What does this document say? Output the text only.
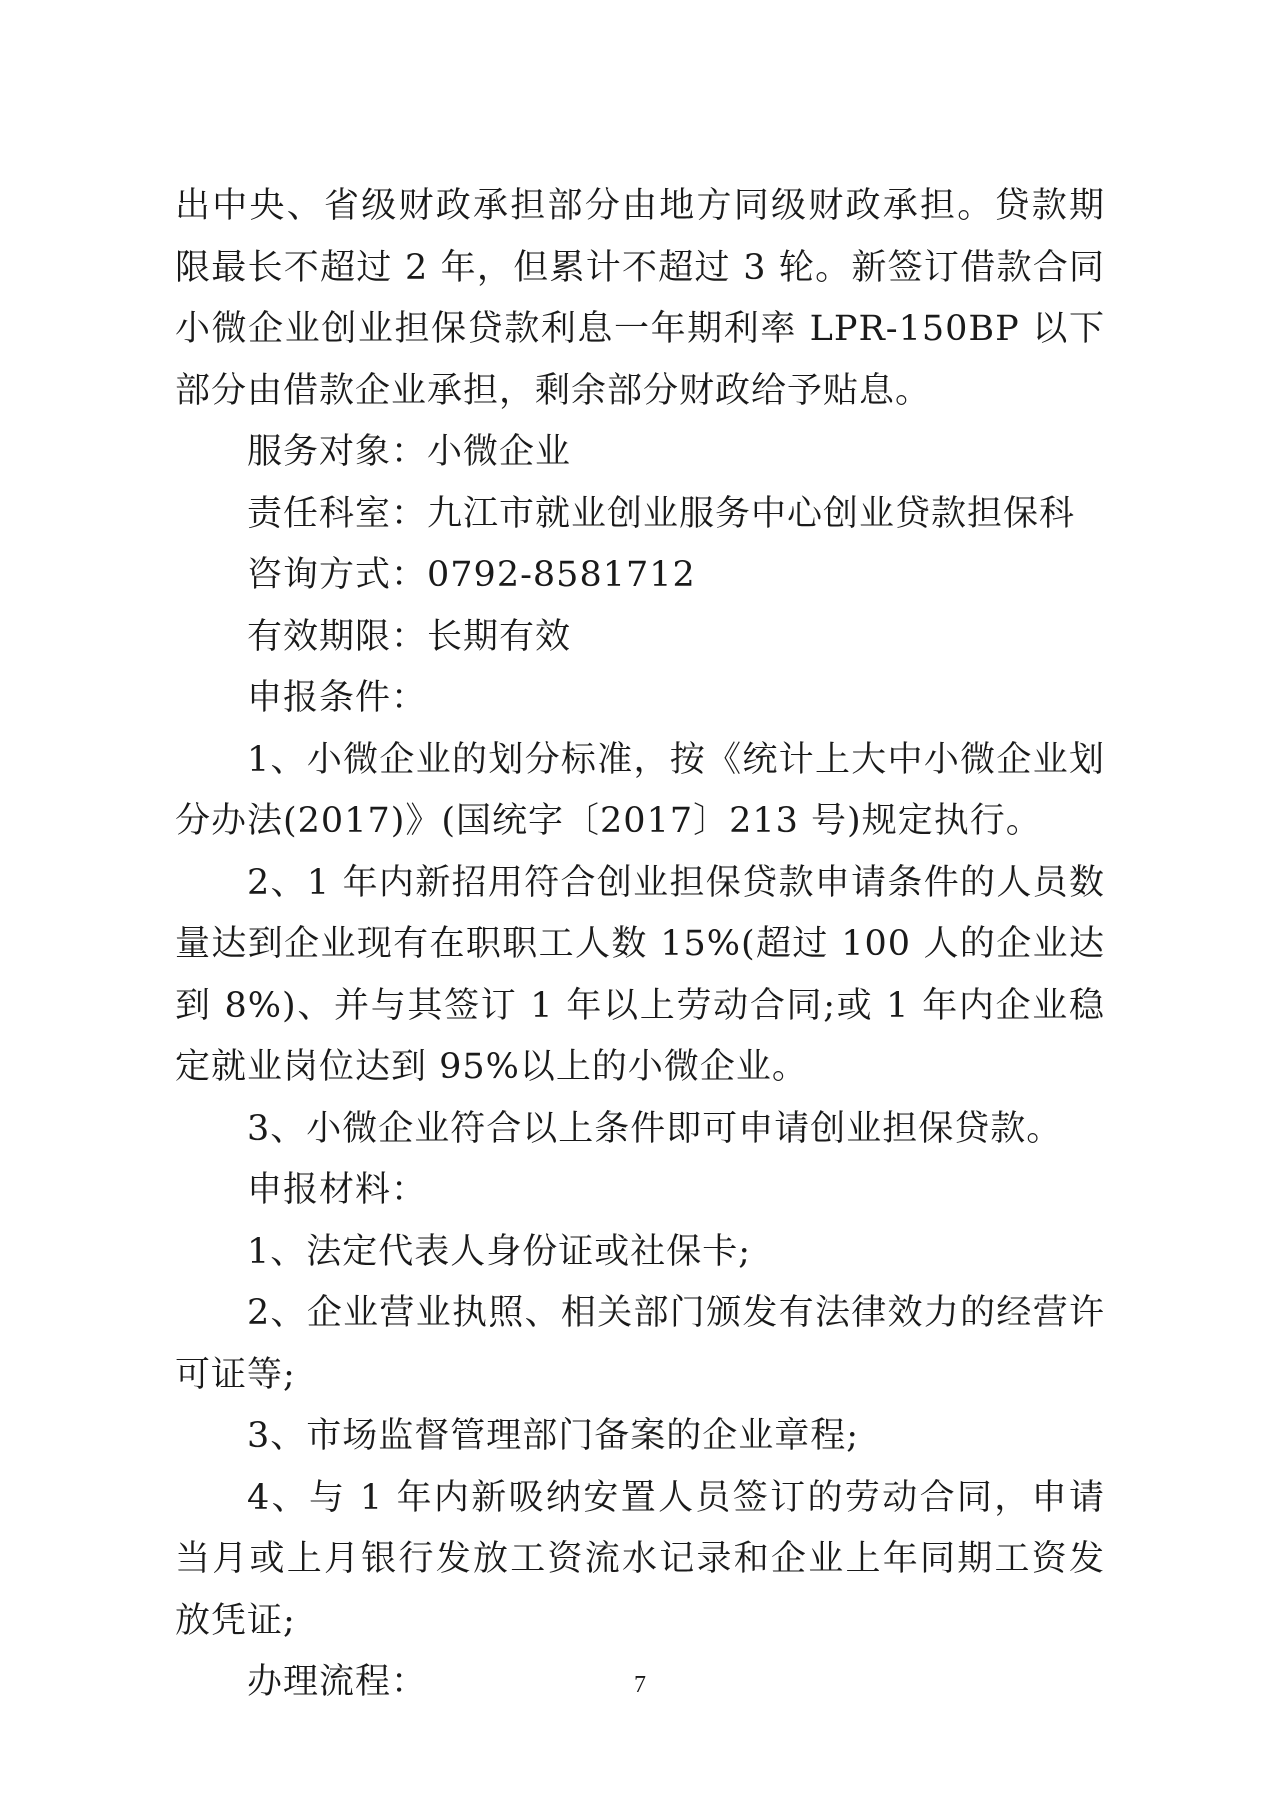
出中央、省级财政承担部分由地方同级财政承担。贷款期限最长不超过 2 年，但累计不超过 3 轮。新签订借款合同小微企业创业担保贷款利息一年期利率 LPR-150BP 以下部分由借款企业承担，剩余部分财政给予贴息。

服务对象：小微企业

责任科室：九江市就业创业服务中心创业贷款担保科

咨询方式：0792-8581712

有效期限：长期有效

申报条件：

1、小微企业的划分标准，按《统计上大中小微企业划分办法(2017)》(国统字〔2017〕213 号)规定执行。

2、1 年内新招用符合创业担保贷款申请条件的人员数量达到企业现有在职职工人数 15%(超过 100 人的企业达到 8%)、并与其签订 1 年以上劳动合同;或 1 年内企业稳定就业岗位达到 95%以上的小微企业。

3、小微企业符合以上条件即可申请创业担保贷款。

申报材料：

1、法定代表人身份证或社保卡;

2、企业营业执照、相关部门颁发有法律效力的经营许可证等;

3、市场监督管理部门备案的企业章程;

4、与 1 年内新吸纳安置人员签订的劳动合同，申请当月或上月银行发放工资流水记录和企业上年同期工资发放凭证;

办理流程：	7
